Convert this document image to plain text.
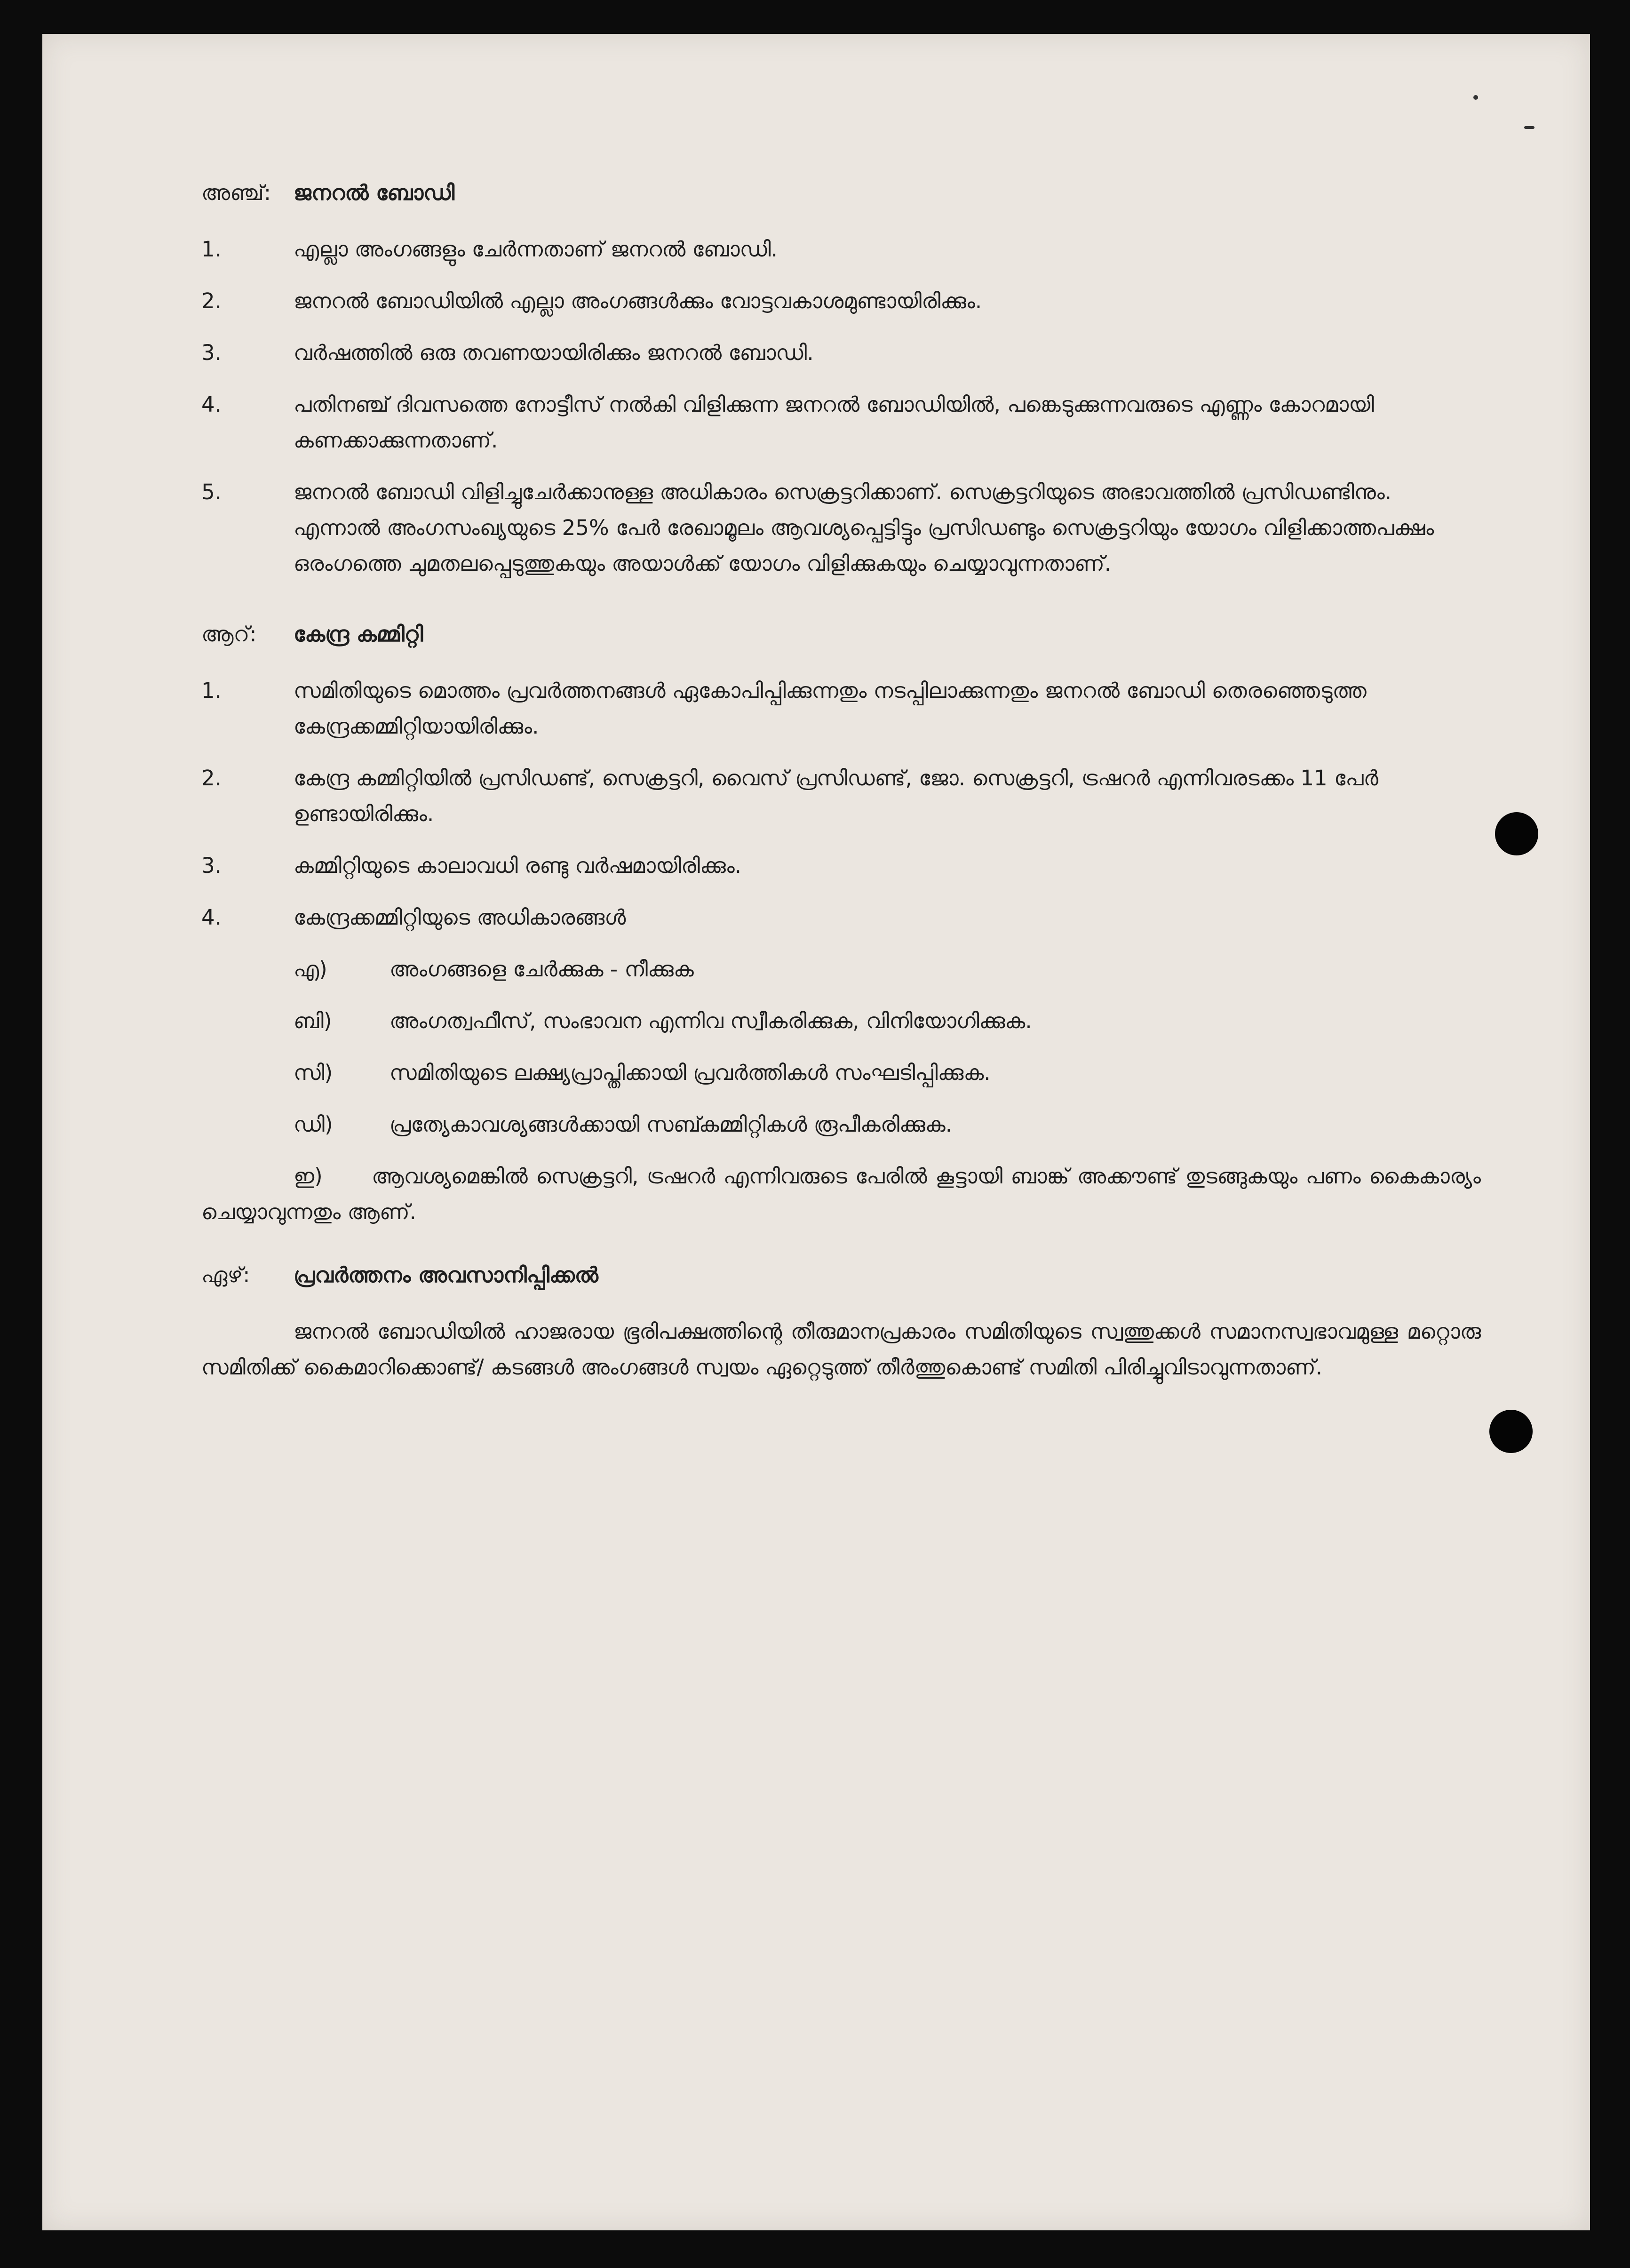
അഞ്ച്: ജനറൽ ബോഡി
1.	എല്ലാ അംഗങ്ങളും ചേർന്നതാണ് ജനറൽ ബോഡി.
2.	ജനറൽ ബോഡിയിൽ എല്ലാ അംഗങ്ങൾക്കും വോട്ടവകാശമുണ്ടായിരിക്കും.
3.	വർഷത്തിൽ ഒരു തവണയായിരിക്കും ജനറൽ ബോഡി.
4.	പതിനഞ്ച് ദിവസത്തെ നോട്ടീസ് നൽകി വിളിക്കുന്ന ജനറൽ ബോഡിയിൽ, പങ്കെടുക്കുന്നവരുടെ എണ്ണം കോറമായി കണക്കാക്കുന്നതാണ്.
5.	ജനറൽ ബോഡി വിളിച്ചുചേർക്കാനുള്ള അധികാരം സെക്രട്ടറിക്കാണ്. സെക്രട്ടറിയുടെ അഭാവത്തിൽ പ്രസിഡണ്ടിനും. എന്നാൽ അംഗസംഖ്യയുടെ 25% പേർ രേഖാമൂലം ആവശ്യപ്പെട്ടിട്ടും പ്രസിഡണ്ടും സെക്രട്ടറിയും യോഗം വിളിക്കാത്തപക്ഷം ഒരംഗത്തെ ചുമതലപ്പെടുത്തുകയും അയാൾക്ക് യോഗം വിളിക്കുകയും ചെയ്യാവുന്നതാണ്.
ആറ്: കേന്ദ്ര കമ്മിറ്റി
1.	സമിതിയുടെ മൊത്തം പ്രവർത്തനങ്ങൾ ഏകോപിപ്പിക്കുന്നതും നടപ്പിലാക്കുന്നതും ജനറൽ ബോഡി തെരഞ്ഞെടുത്ത കേന്ദ്രക്കമ്മിറ്റിയായിരിക്കും.
2.	കേന്ദ്ര കമ്മിറ്റിയിൽ പ്രസിഡണ്ട്, സെക്രട്ടറി, വൈസ് പ്രസിഡണ്ട്, ജോ. സെക്രട്ടറി, ട്രഷറർ എന്നിവരടക്കം 11 പേർ ഉണ്ടായിരിക്കും.
3.	കമ്മിറ്റിയുടെ കാലാവധി രണ്ടു വർഷമായിരിക്കും.
4.	കേന്ദ്രക്കമ്മിറ്റിയുടെ അധികാരങ്ങൾ
എ)	അംഗങ്ങളെ ചേർക്കുക - നീക്കുക
ബി)	അംഗത്വഫീസ്, സംഭാവന എന്നിവ സ്വീകരിക്കുക, വിനിയോഗിക്കുക.
സി)	സമിതിയുടെ ലക്ഷ്യപ്രാപ്തിക്കായി പ്രവർത്തികൾ സംഘടിപ്പിക്കുക.
ഡി)	പ്രത്യേകാവശ്യങ്ങൾക്കായി സബ്കമ്മിറ്റികൾ രൂപീകരിക്കുക.
ഇ)      ആവശ്യമെങ്കിൽ സെക്രട്ടറി, ട്രഷറർ എന്നിവരുടെ പേരിൽ കൂട്ടായി ബാങ്ക് അക്കൗണ്ട് തുടങ്ങുകയും പണം കൈകാര്യം ചെയ്യാവുന്നതും ആണ്.
ഏഴ്: പ്രവർത്തനം അവസാനിപ്പിക്കൽ
ജനറൽ ബോഡിയിൽ ഹാജരായ ഭൂരിപക്ഷത്തിന്റെ തീരുമാനപ്രകാരം സമിതിയുടെ സ്വത്തുക്കൾ സമാനസ്വഭാവമുള്ള മറ്റൊരു സമിതിക്ക് കൈമാറിക്കൊണ്ട്/ കടങ്ങൾ അംഗങ്ങൾ സ്വയം ഏറ്റെടുത്ത് തീർത്തുകൊണ്ട് സമിതി പിരിച്ചുവിടാവുന്നതാണ്.
